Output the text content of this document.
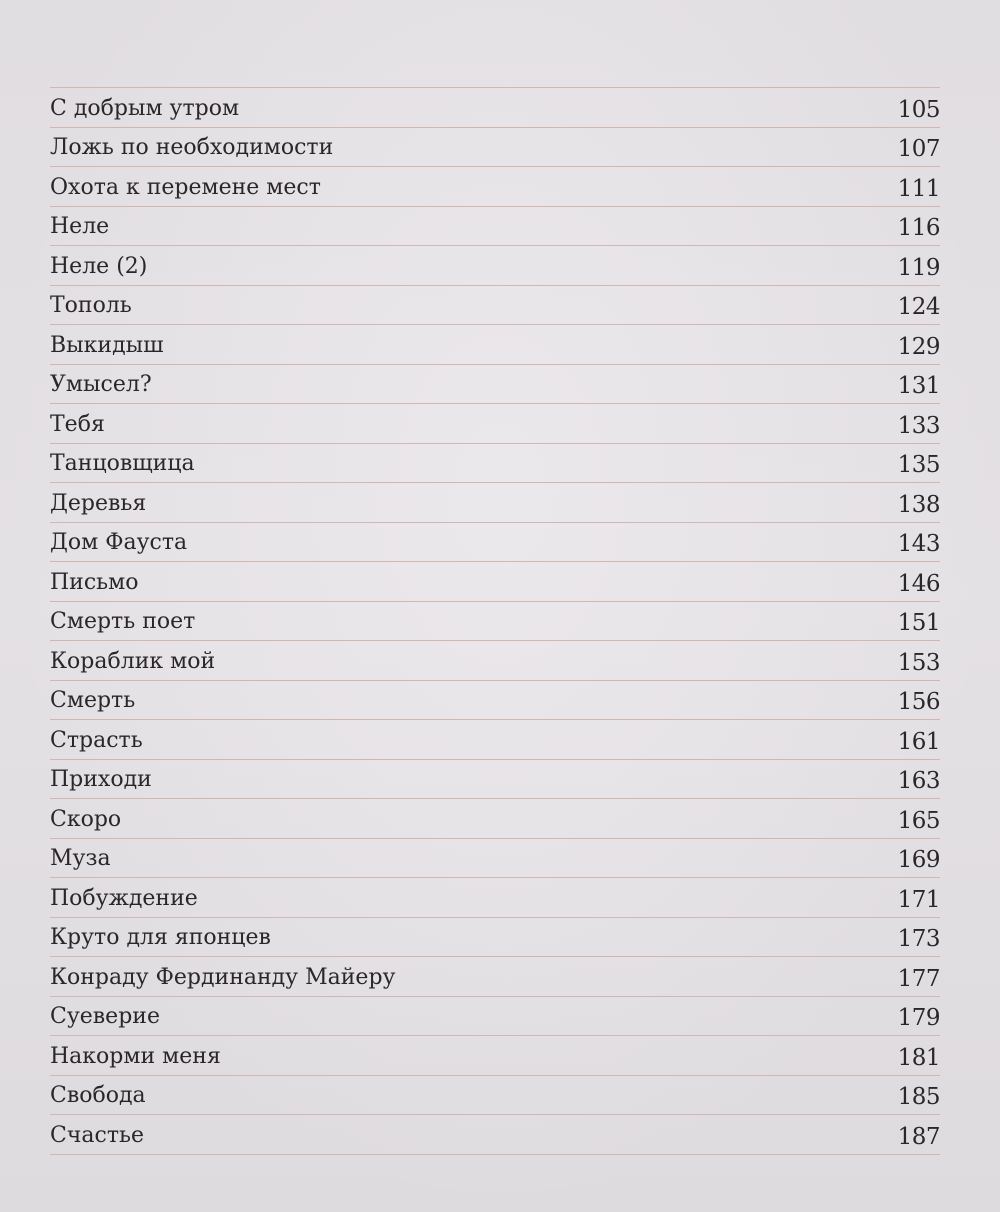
С добрым утром	105
Ложь по необходимости	107
Охота к перемене мест	111
Неле	116
Неле (2)	119
Тополь	124
Выкидыш	129
Умысел?	131
Тебя	133
Танцовщица	135
Деревья	138
Дом Фауста	143
Письмо	146
Смерть поет	151
Кораблик мой	153
Смерть	156
Страсть	161
Приходи	163
Скоро	165
Муза	169
Побуждение	171
Круто для японцев	173
Конраду Фердинанду Майеру	177
Суеверие	179
Накорми меня	181
Свобода	185
Счастье	187
